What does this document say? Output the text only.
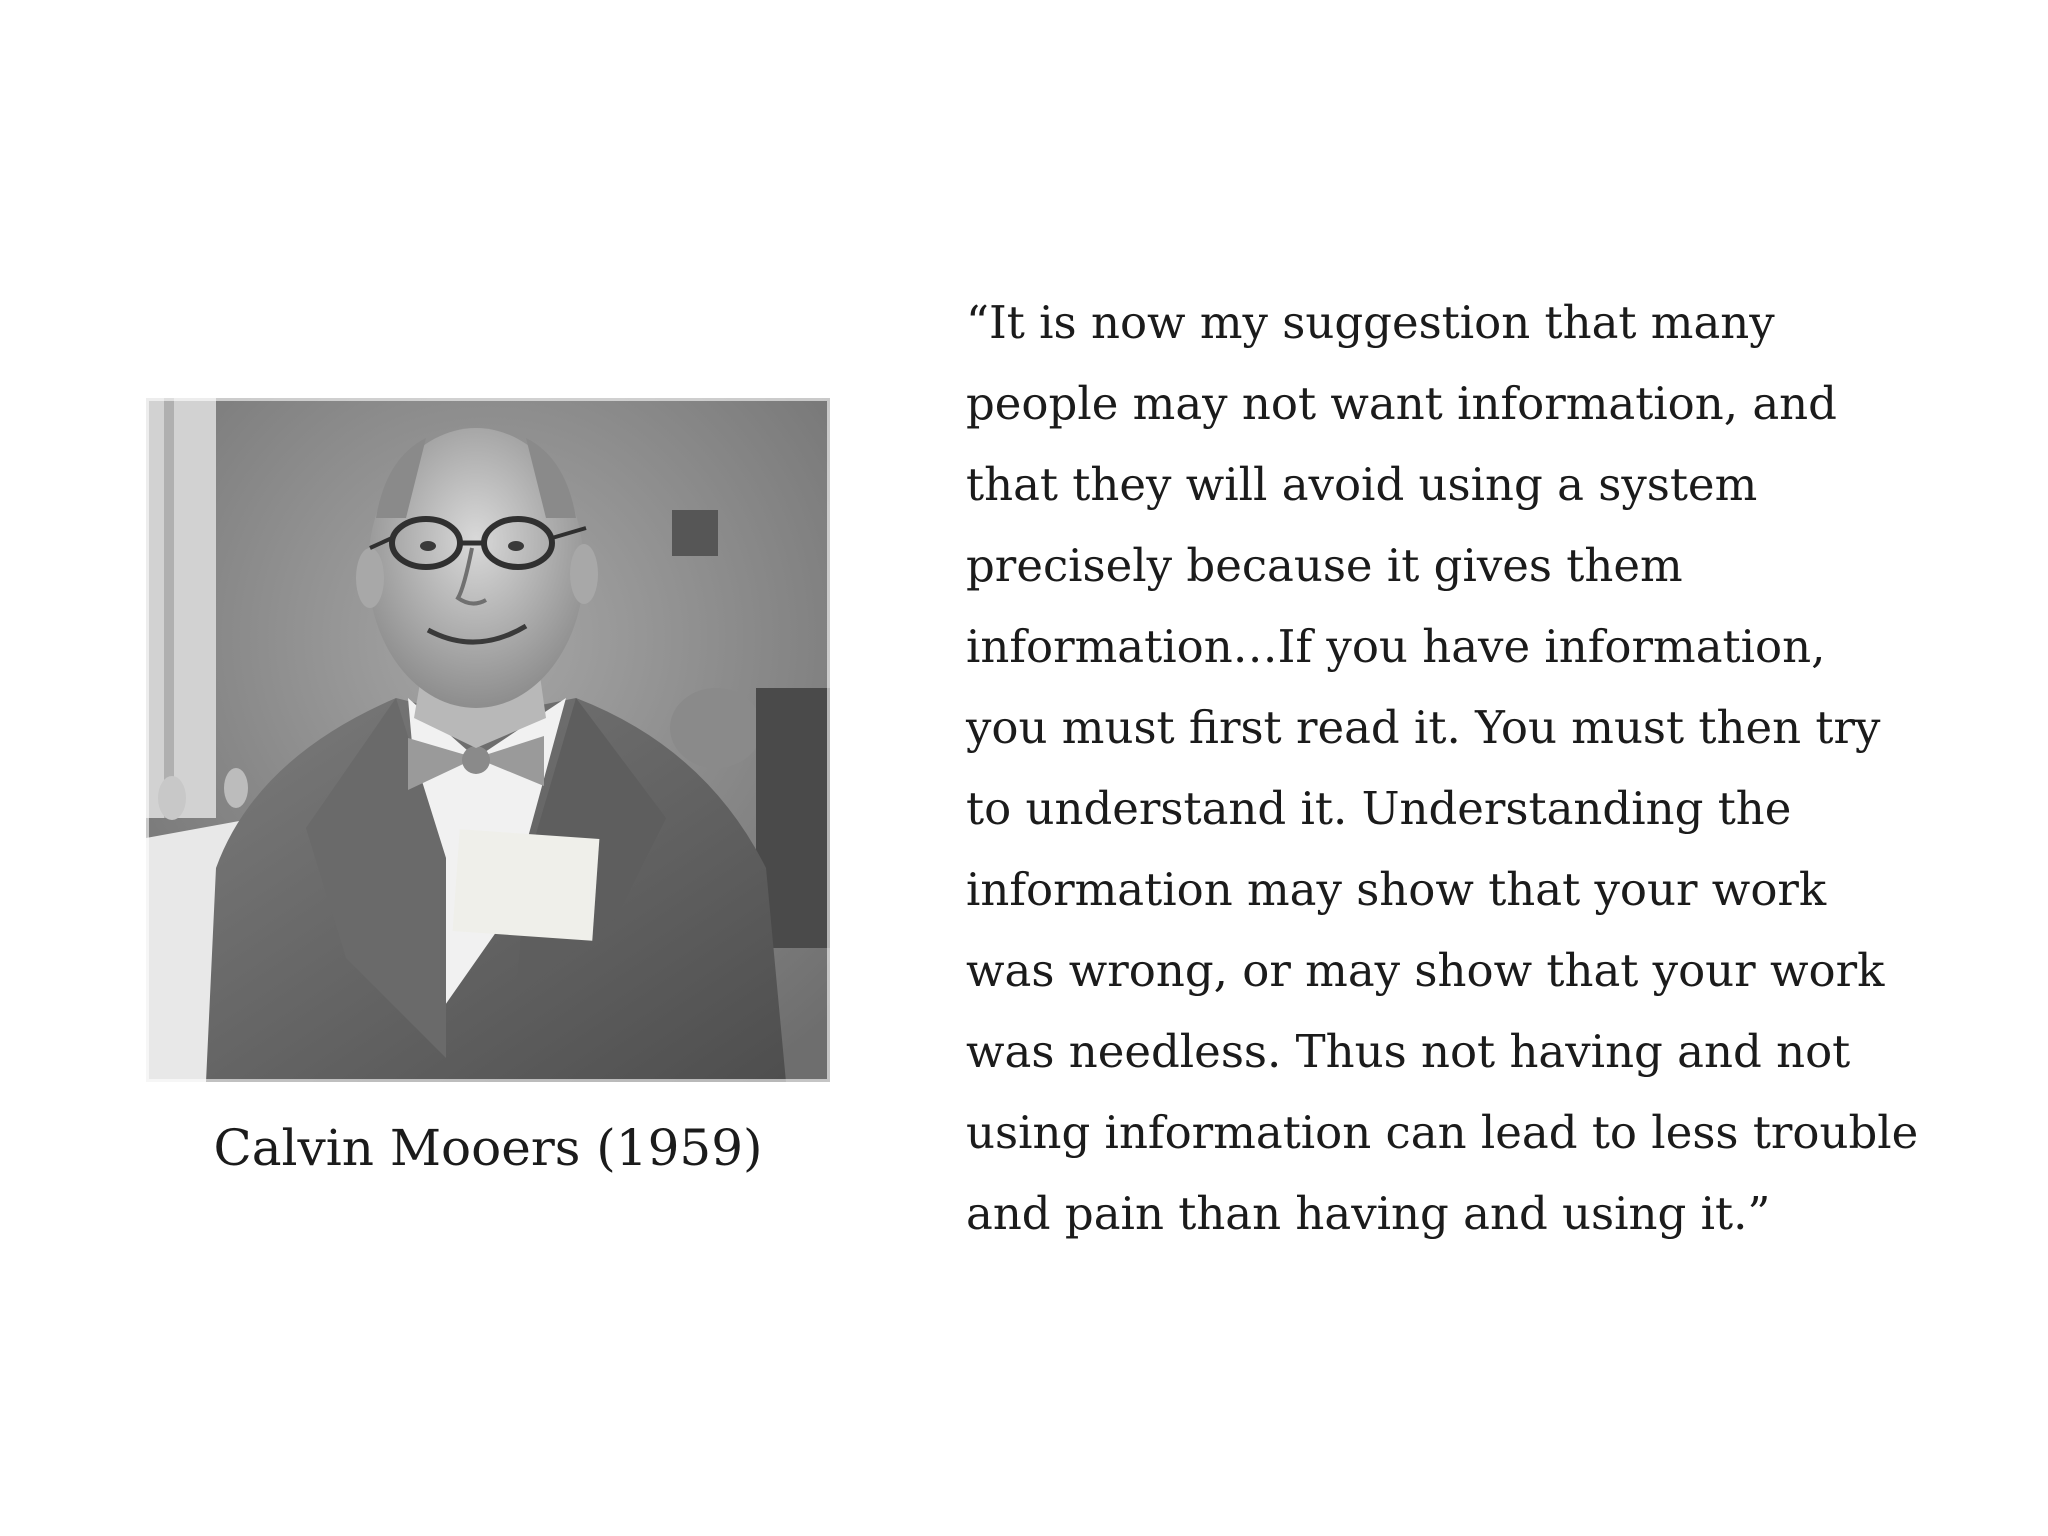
Calvin Mooers (1959)
“It is now my suggestion that many
people may not want information, and
that they will avoid using a system
precisely because it gives them
information…If you have information,
you must first read it. You must then try
to understand it. Understanding the
information may show that your work
was wrong, or may show that your work
was needless. Thus not having and not
using information can lead to less trouble
and pain than having and using it.”
